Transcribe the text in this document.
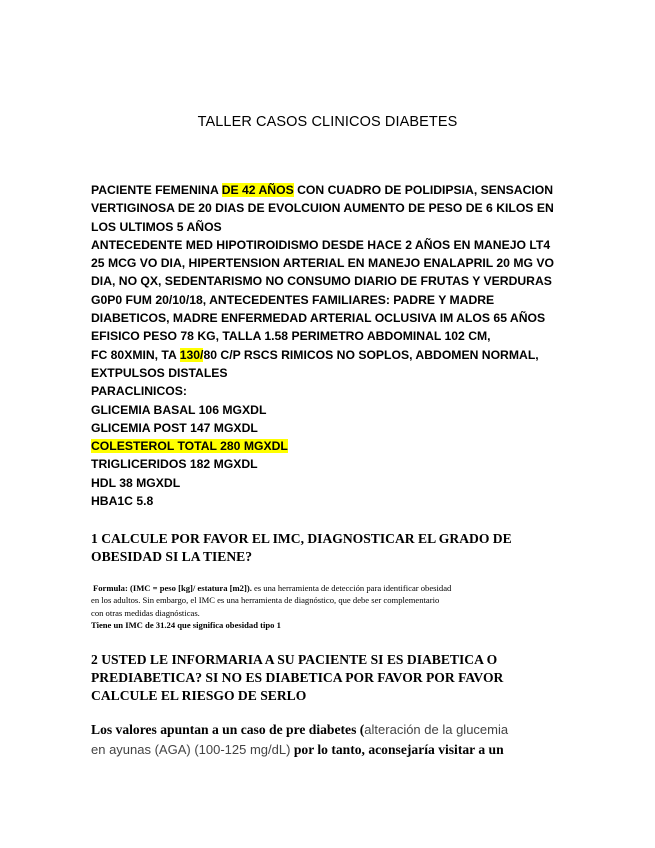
TALLER CASOS CLINICOS DIABETES
PACIENTE FEMENINA DE 42 AÑOS CON CUADRO DE POLIDIPSIA, SENSACION
VERTIGINOSA DE 20 DIAS DE EVOLCUION AUMENTO DE PESO DE 6 KILOS EN
LOS ULTIMOS 5 AÑOS
ANTECEDENTE MED HIPOTIROIDISMO DESDE HACE 2 AÑOS EN MANEJO LT4
25 MCG VO DIA, HIPERTENSION ARTERIAL EN MANEJO ENALAPRIL 20 MG VO
DIA, NO QX, SEDENTARISMO NO CONSUMO DIARIO DE FRUTAS Y VERDURAS
G0P0 FUM 20/10/18, ANTECEDENTES FAMILIARES: PADRE Y MADRE
DIABETICOS, MADRE ENFERMEDAD ARTERIAL OCLUSIVA IM ALOS 65 AÑOS
EFISICO PESO 78 KG, TALLA 1.58 PERIMETRO ABDOMINAL 102 CM,
FC 80XMIN, TA 130/80 C/P RSCS RIMICOS NO SOPLOS, ABDOMEN NORMAL,
EXTPULSOS DISTALES
PARACLINICOS:
GLICEMIA BASAL 106 MGXDL
GLICEMIA POST 147 MGXDL
COLESTEROL TOTAL 280 MGXDL
TRIGLICERIDOS 182 MGXDL
HDL 38 MGXDL
HBA1C 5.8
1 CALCULE POR FAVOR EL IMC, DIAGNOSTICAR EL GRADO DE
OBESIDAD SI LA TIENE?
Formula: (IMC = peso [kg]/ estatura [m2]). es una herramienta de detección para identificar obesidad
en los adultos. Sin embargo, el IMC es una herramienta de diagnóstico, que debe ser complementario
con otras medidas diagnósticas.
Tiene un IMC de 31.24 que significa obesidad tipo 1
2 USTED LE INFORMARIA A SU PACIENTE SI ES DIABETICA O
PREDIABETICA? SI NO ES DIABETICA POR FAVOR POR FAVOR
CALCULE EL RIESGO DE SERLO
Los valores apuntan a un caso de pre diabetes (alteración de la glucemia
en ayunas (AGA) (100-125 mg/dL) por lo tanto, aconsejaría visitar a un
